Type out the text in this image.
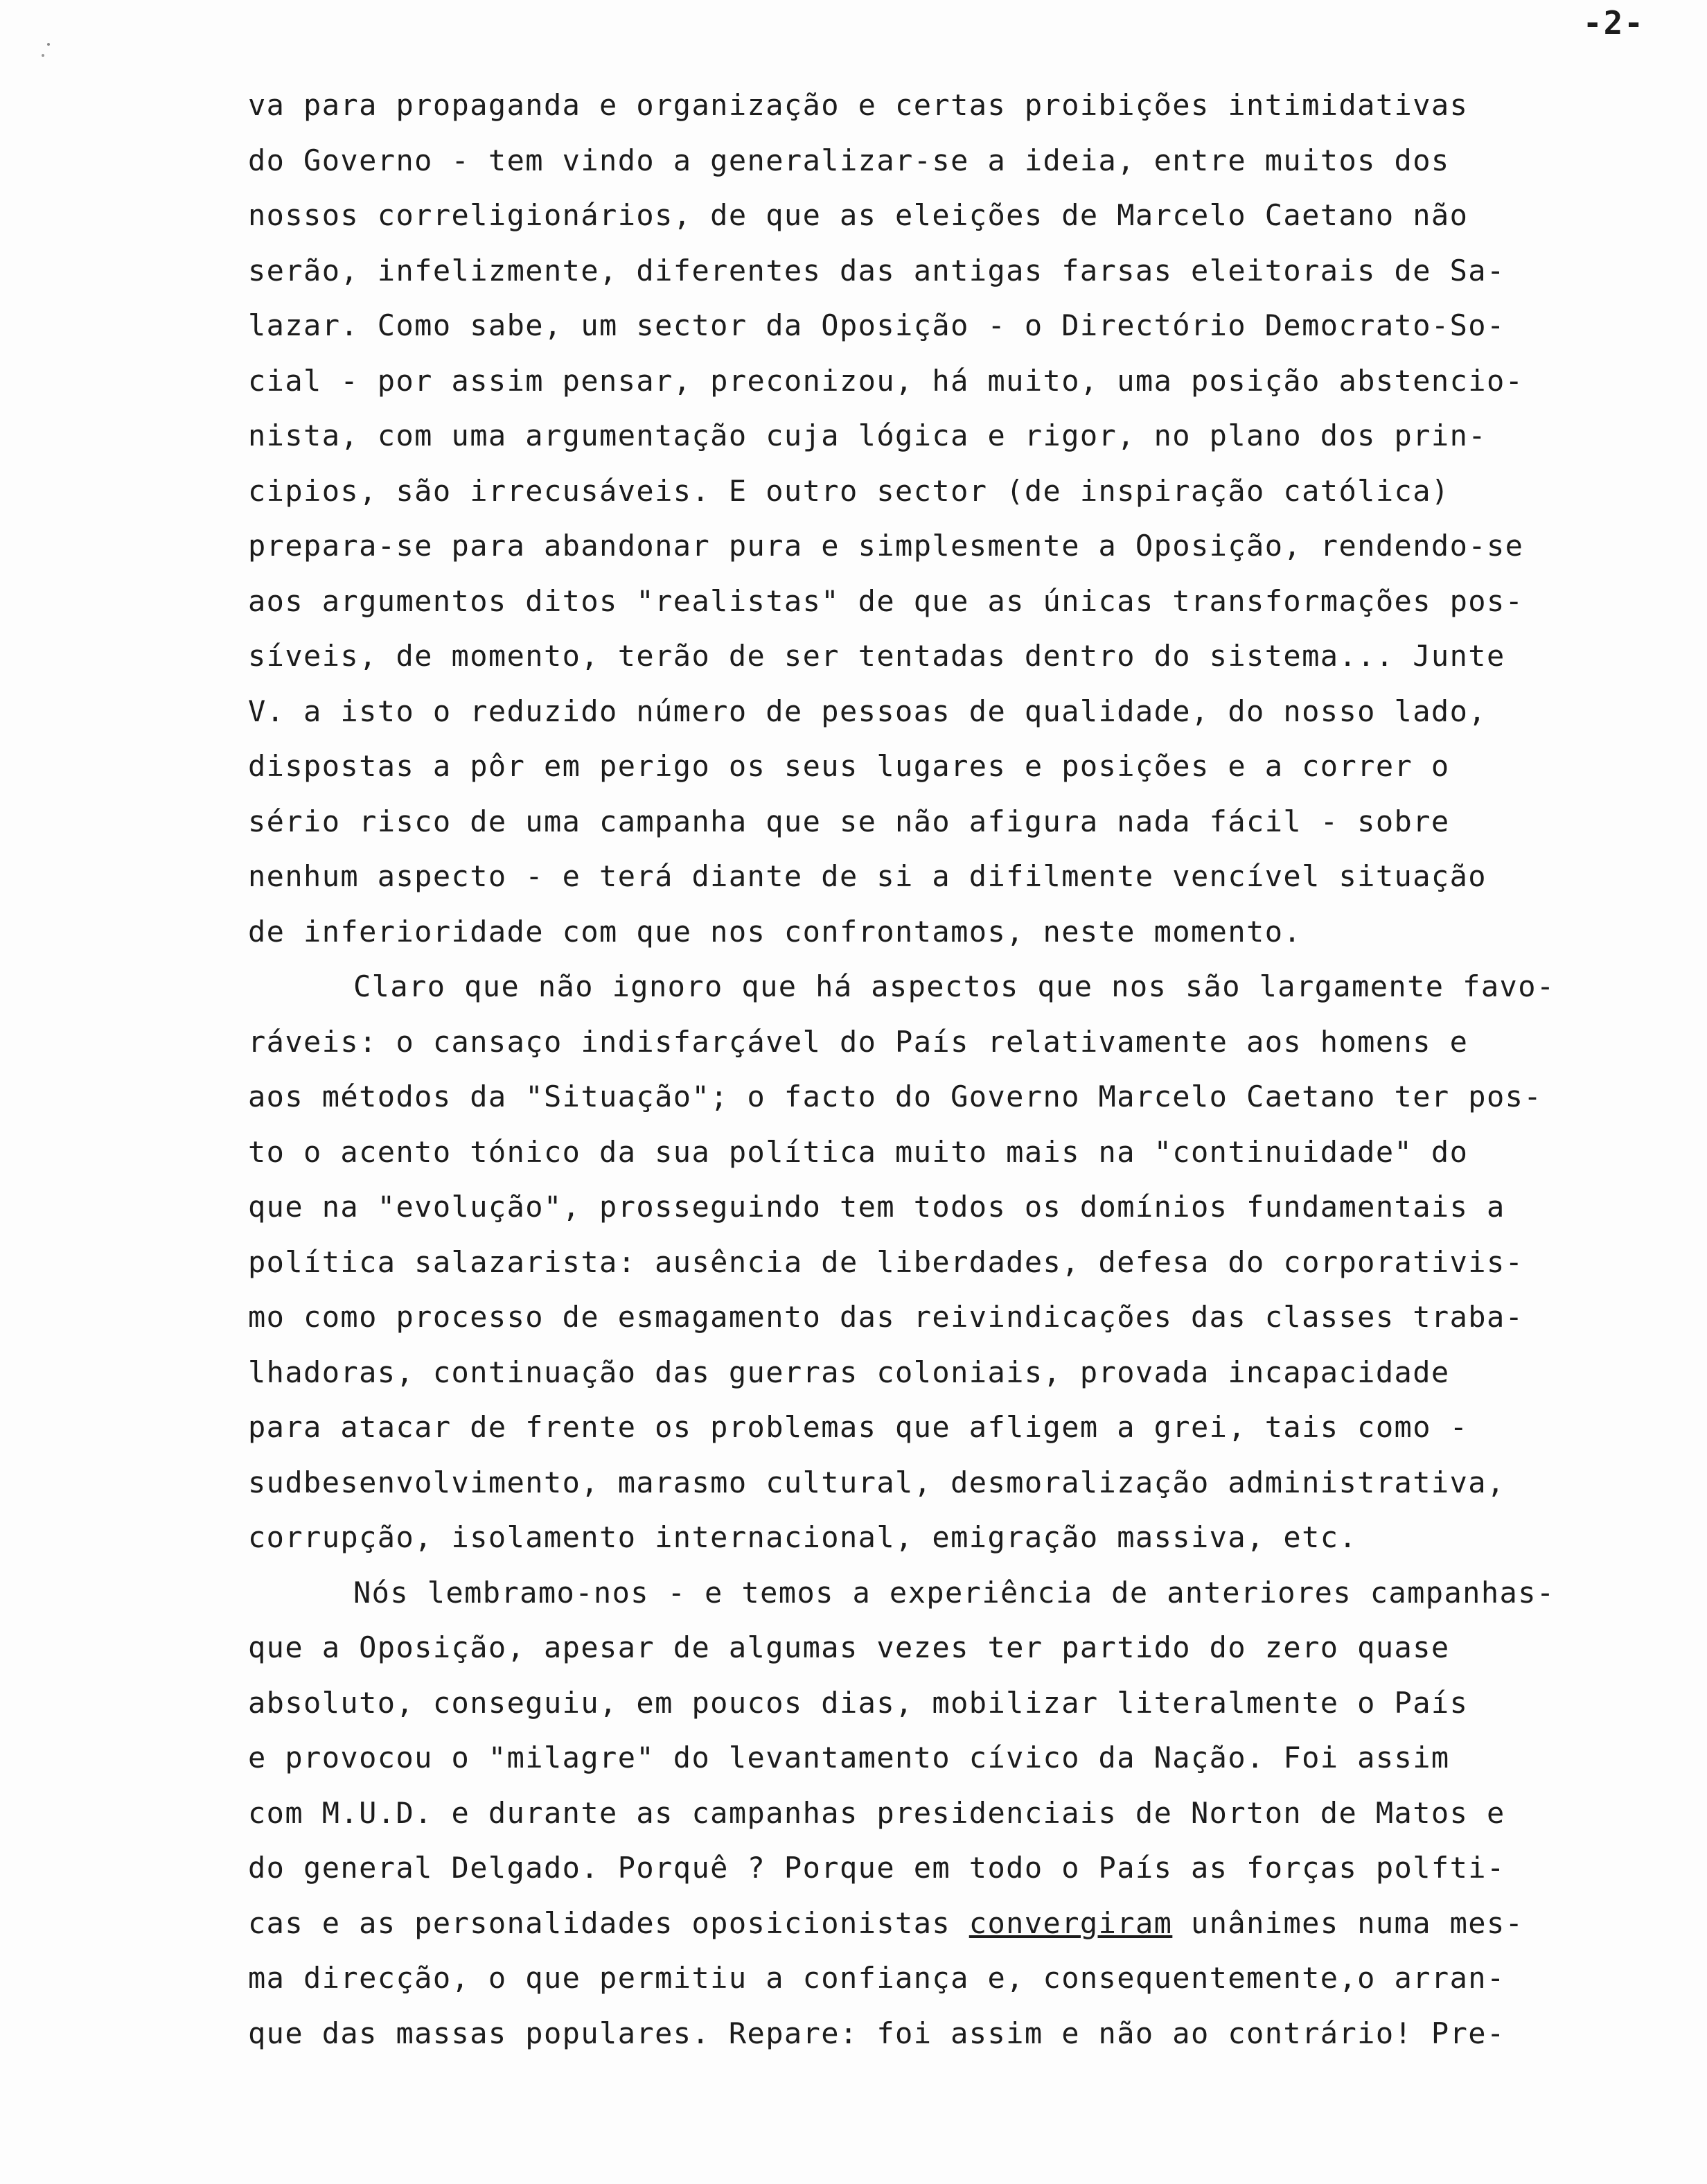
-2-
va para propaganda e organização e certas proibições intimidativas
do Governo - tem vindo a generalizar-se a ideia, entre muitos dos
nossos correligionários, de que as eleições de Marcelo Caetano não
serão, infelizmente, diferentes das antigas farsas eleitorais de Sa-
lazar. Como sabe, um sector da Oposição - o Directório Democrato-So-
cial - por assim pensar, preconizou, há muito, uma posição abstencio-
nista, com uma argumentação cuja lógica e rigor, no plano dos prin-
cipios, são irrecusáveis. E outro sector (de inspiração católica)
prepara-se para abandonar pura e simplesmente a Oposição, rendendo-se
aos argumentos ditos "realistas" de que as únicas transformações pos-
síveis, de momento, terão de ser tentadas dentro do sistema... Junte
V. a isto o reduzido número de pessoas de qualidade, do nosso lado,
dispostas a pôr em perigo os seus lugares e posições e a correr o
sério risco de uma campanha que se não afigura nada fácil - sobre
nenhum aspecto - e terá diante de si a difilmente vencível situação
de inferioridade com que nos confrontamos, neste momento.
Claro que não ignoro que há aspectos que nos são largamente favo-
ráveis: o cansaço indisfarçável do País relativamente aos homens e
aos métodos da "Situação"; o facto do Governo Marcelo Caetano ter pos-
to o acento tónico da sua política muito mais na "continuidade" do
que na "evolução", prosseguindo tem todos os domínios fundamentais a
política salazarista: ausência de liberdades, defesa do corporativis-
mo como processo de esmagamento das reivindicações das classes traba-
lhadoras, continuação das guerras coloniais, provada incapacidade
para atacar de frente os problemas que afligem a grei, tais como -
sudbesenvolvimento, marasmo cultural, desmoralização administrativa,
corrupção, isolamento internacional, emigração massiva, etc.
Nós lembramo-nos - e temos a experiência de anteriores campanhas-
que a Oposição, apesar de algumas vezes ter partido do zero quase
absoluto, conseguiu, em poucos dias, mobilizar literalmente o País
e provocou o "milagre" do levantamento cívico da Nação. Foi assim
com M.U.D. e durante as campanhas presidenciais de Norton de Matos e
do general Delgado. Porquê ? Porque em todo o País as forças polfti-
cas e as personalidades oposicionistas convergiram unânimes numa mes-
ma direcção, o que permitiu a confiança e, consequentemente,o arran-
que das massas populares. Repare: foi assim e não ao contrário! Pre-
